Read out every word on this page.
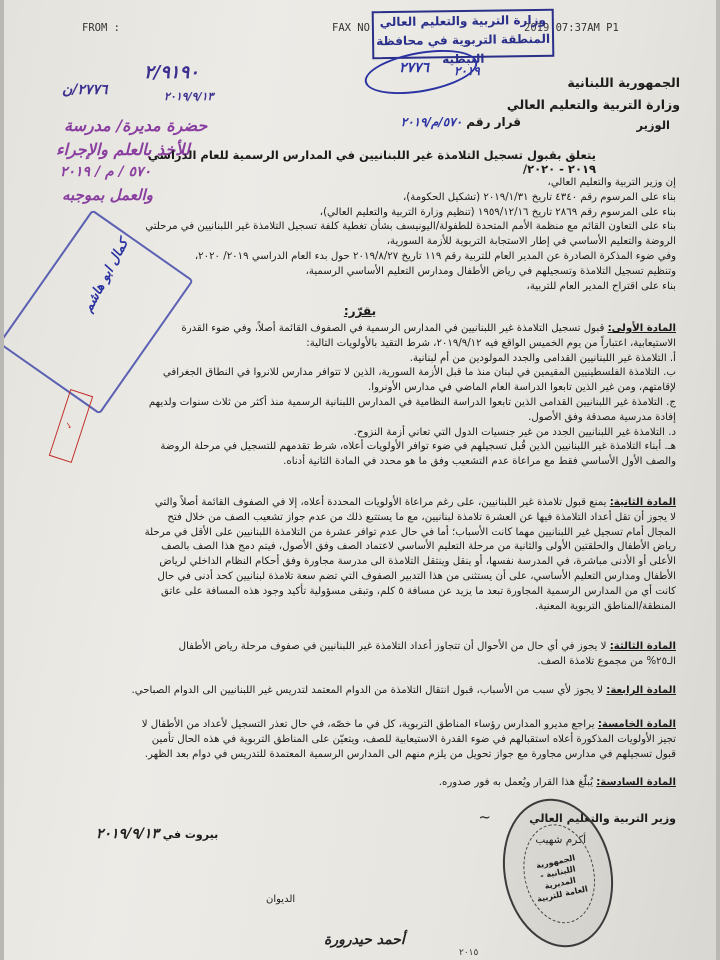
FROM :	FAX NO	2019 07:37AM P1
وزارة التربية والتعليم العالي
المنطقة التربوية في محافظة النبطية
٢٧٧٦ ٢٠١٩
٢/٩١٩٠
٢٧٧٦/ن	٢٠١٩/٩/١٣
حضرة مديرة/ مدرسة
للأخذ بالعلم والإجراء
٥٧٠ / م / ٢٠١٩
والعمل بموجبه
الجمهورية اللبنانية
وزارة التربية والتعليم العالي
الوزير
قرار رقم ٥٧٠/م/٢٠١٩
يتعلق بقبول تسجيل التلامذة غير اللبنانيين في المدارس الرسمية للعام الدراسي ٢٠١٩ - ٢٠٢٠/

إن وزير التربية والتعليم العالي،

بناء على المرسوم رقم ٤٣٤٠ تاريخ ٢٠١٩/١/٣١ (تشكيل الحكومة)،

بناء على المرسوم رقم ٢٨٦٩ تاريخ ١٩٥٩/١٢/١٦ (تنظيم وزارة التربية والتعليم العالي)،

بناء على التعاون القائم مع منظمة الأمم المتحدة للطفولة/اليونيسف بشأن تغطية كلفة تسجيل التلامذة غير اللبنانيين في مرحلتي

الروضة والتعليم الأساسي في إطار الاستجابة التربوية للأزمة السورية،

وفي ضوء المذكرة الصادرة عن المدير العام للتربية رقم ١١٩ تاريخ ٢٠١٩/٨/٢٧ حول بدء العام الدراسي ٢٠١٩/ ٢٠٢٠،

وتنظيم تسجيل التلامذة وتسجيلهم في رياض الأطفال ومدارس التعليم الأساسي الرسمية،

بناء على اقتراح المدير العام للتربية،

يقرّر:

المادة الأولى: قبول تسجيل التلامذة غير اللبنانيين في المدارس الرسمية في الصفوف القائمة أصلاً، وفي ضوء القدرة

الاستيعابية، اعتباراً من يوم الخميس الواقع فيه ٢٠١٩/٩/١٢، شرط التقيد بالأولويات التالية:

أ. التلامذة غير اللبنانيين القدامى والجدد المولودين من أم لبنانية.

ب. التلامذة الفلسطينيين المقيمين في لبنان منذ ما قبل الأزمة السورية، الذين لا تتوافر مدارس للانروا في النطاق الجغرافي

لإقامتهم، ومن غير الذين تابعوا الدراسة العام الماضي في مدارس الأونروا.

ج. التلامذة غير اللبنانيين القدامى الذين تابعوا الدراسة النظامية في المدارس اللبنانية الرسمية منذ أكثر من ثلاث سنوات ولديهم

إفادة مدرسية مصدقة وفق الأصول.

د. التلامذة غير اللبنانيين الجدد من غير جنسيات الدول التي تعاني أزمة النزوح.

هـ. أبناء التلامذة غير اللبنانيين الذين قُبل تسجيلهم في ضوء توافر الأولويات أعلاه، شرط تقدمهم للتسجيل في مرحلة الروضة

والصف الأول الأساسي فقط مع مراعاة عدم التشعيب وفق ما هو محدد في المادة الثانية أدناه.

المادة الثانية: يمنع قبول تلامذة غير اللبنانيين، على رغم مراعاة الأولويات المحددة أعلاه، إلا في الصفوف القائمة أصلاً والتي

لا يجوز أن تقل أعداد التلامذة فيها عن العشرة تلامذة لبنانيين، مع ما يستتبع ذلك من عدم جواز تشعيب الصف من خلال فتح

المجال أمام تسجيل غير اللبنانيين مهما كانت الأسباب؛ أما في حال عدم توافر عشرة من التلامذة اللبنانيين على الأقل في مرحلة

رياض الأطفال والحلقتين الأولى والثانية من مرحلة التعليم الأساسي لاعتماد الصف وفق الأصول، فيتم دمج هذا الصف بالصف

الأعلى أو الأدنى مباشرة، في المدرسة نفسها، أو ينقل وينتقل التلامذة الى مدرسة مجاورة وفق أحكام النظام الداخلي لرياض

الأطفال ومدارس التعليم الأساسي، على أن يستثنى من هذا التدبير الصفوف التي تضم سعة تلامذة لبنانيين كحد أدنى في حال

كانت أي من المدارس الرسمية المجاورة تبعد ما يزيد عن مسافة ٥ كلم، وتبقى مسؤولية تأكيد وجود هذه المسافة على عاتق

المنطقة/المناطق التربوية المعنية.

المادة الثالثة: لا يجوز في أي حال من الأحوال أن تتجاوز أعداد التلامذة غير اللبنانيين في صفوف مرحلة رياض الأطفال

الـ٢٥% من مجموع تلامذة الصف.

المادة الرابعة: لا يجوز لأي سبب من الأسباب، قبول انتقال التلامذة من الدوام المعتمد لتدريس غير اللبنانيين الى الدوام الصباحي.

المادة الخامسة: يراجع مديرو المدارس رؤساء المناطق التربوية، كل في ما خصّه، في حال تعذر التسجيل لأعداد من الأطفال لا

تجيز الأولويات المذكورة أعلاه استقبالهم في ضوء القدرة الاستيعابية للصف، ويتعيّن على المناطق التربوية في هذه الحال تأمين

قبول تسجيلهم في مدارس مجاورة مع جواز تحويل من يلزم منهم الى المدارس الرسمية المعتمدة للتدريس في دوام بعد الظهر.

المادة السادسة: يُبلّغ هذا القرار ويُعمل به فور صدوره.

وزير التربية والتعليم العالي
~
أكرم شهيب
بيروت في ٢٠١٩/٩/١٣
الديوان
أحمد حيدرورة
الجمهورية اللبنانية - المديرية العامة للتربية
كمال ابو هاشم
✓
٢٠١٥
